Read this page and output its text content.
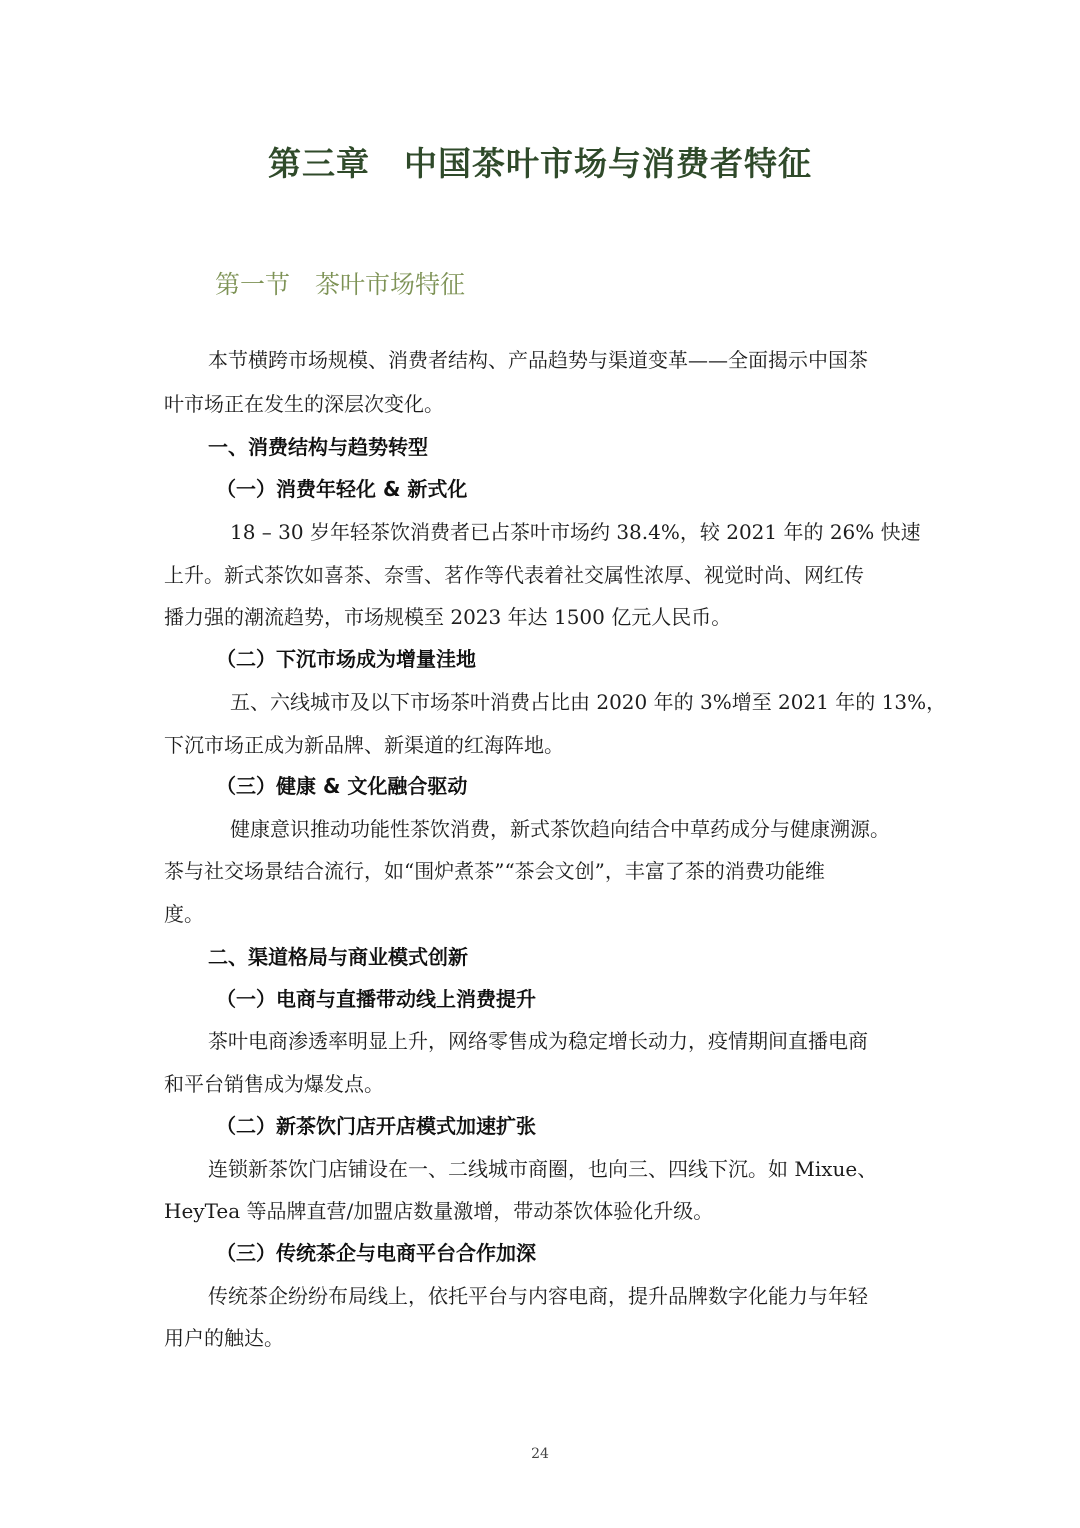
第三章　中国茶叶市场与消费者特征
第一节　茶叶市场特征
本节横跨市场规模、消费者结构、产品趋势与渠道变革——全面揭示中国茶
叶市场正在发生的深层次变化。
一、消费结构与趋势转型
（一）消费年轻化 & 新式化
18 – 30 岁年轻茶饮消费者已占茶叶市场约 38.4%，较 2021 年的 26% 快速
上升。新式茶饮如喜茶、奈雪、茗作等代表着社交属性浓厚、视觉时尚、网红传
播力强的潮流趋势，市场规模至 2023 年达 1500 亿元人民币。
（二）下沉市场成为增量洼地
五、六线城市及以下市场茶叶消费占比由 2020 年的 3%增至 2021 年的 13%，
下沉市场正成为新品牌、新渠道的红海阵地。
（三）健康 & 文化融合驱动
健康意识推动功能性茶饮消费，新式茶饮趋向结合中草药成分与健康溯源。
茶与社交场景结合流行，如“围炉煮茶”“茶会文创”，丰富了茶的消费功能维
度。
二、渠道格局与商业模式创新
（一）电商与直播带动线上消费提升
茶叶电商渗透率明显上升，网络零售成为稳定增长动力，疫情期间直播电商
和平台销售成为爆发点。
（二）新茶饮门店开店模式加速扩张
连锁新茶饮门店铺设在一、二线城市商圈，也向三、四线下沉。如 Mixue、
HeyTea 等品牌直营/加盟店数量激增，带动茶饮体验化升级。
（三）传统茶企与电商平台合作加深
传统茶企纷纷布局线上，依托平台与内容电商，提升品牌数字化能力与年轻
用户的触达。
24
